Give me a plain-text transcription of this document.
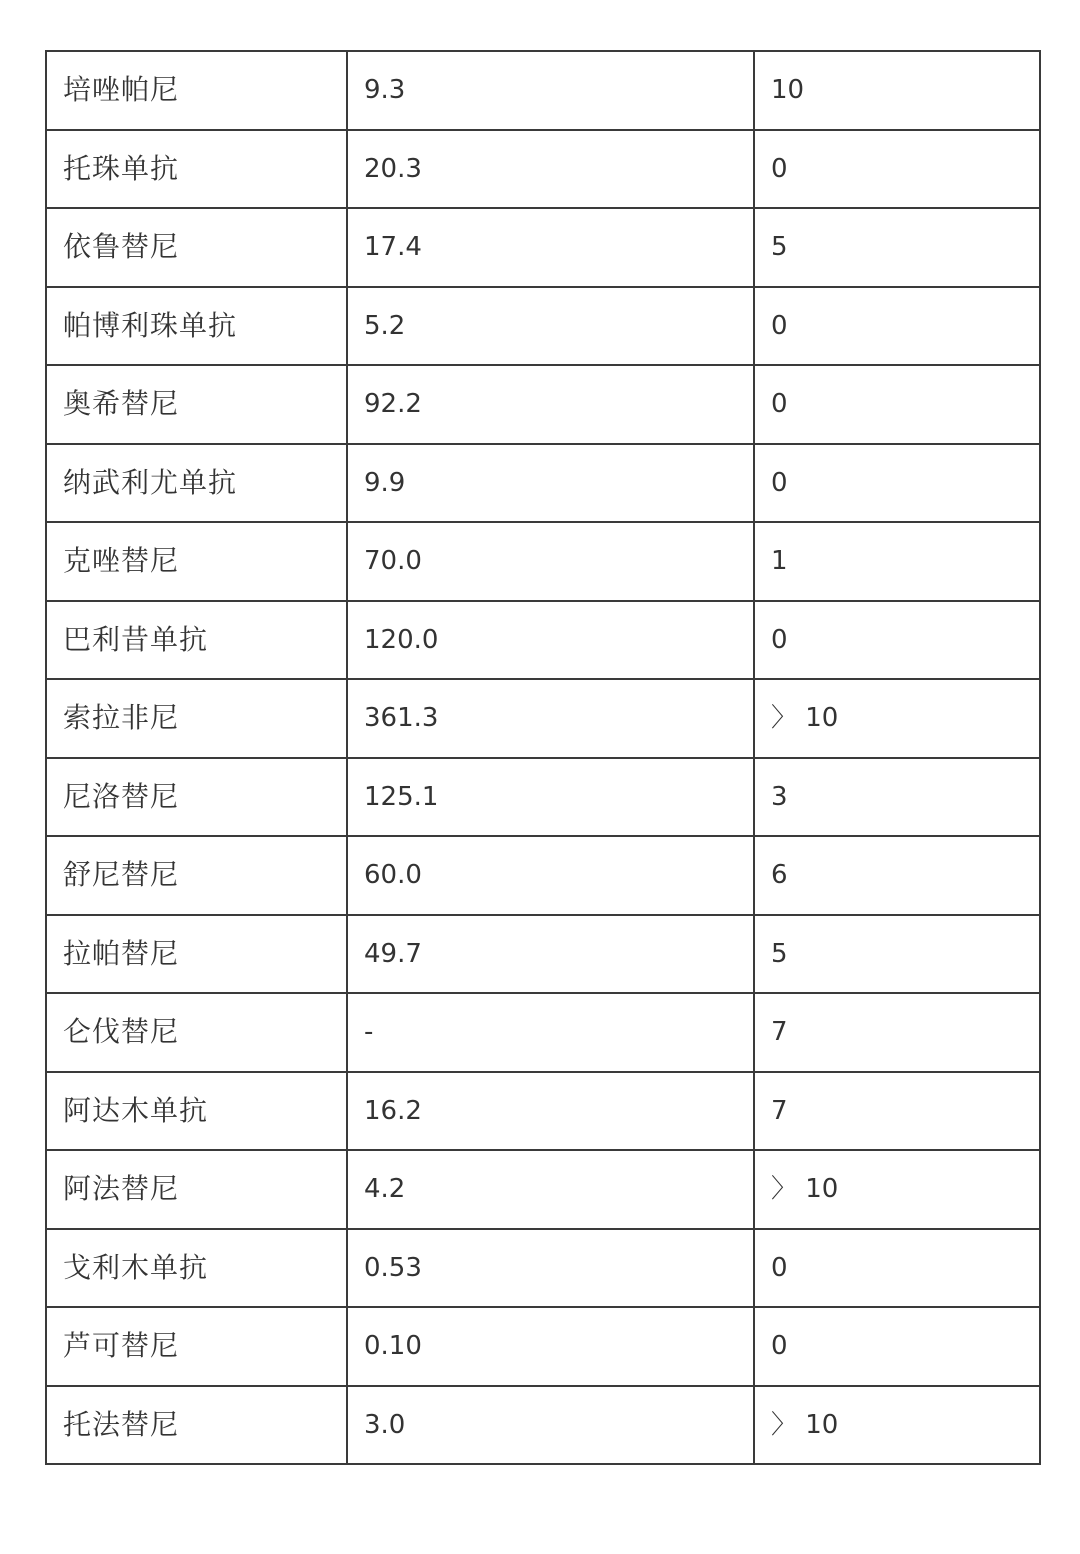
培唑帕尼	9.3	10
托珠单抗	20.3	0
依鲁替尼	17.4	5
帕博利珠单抗	5.2	0
奥希替尼	92.2	0
纳武利尤单抗	9.9	0
克唑替尼	70.0	1
巴利昔单抗	120.0	0
索拉非尼	361.3	〉 10
尼洛替尼	125.1	3
舒尼替尼	60.0	6
拉帕替尼	49.7	5
仑伐替尼	-	7
阿达木单抗	16.2	7
阿法替尼	4.2	〉 10
戈利木单抗	0.53	0
芦可替尼	0.10	0
托法替尼	3.0	〉 10
